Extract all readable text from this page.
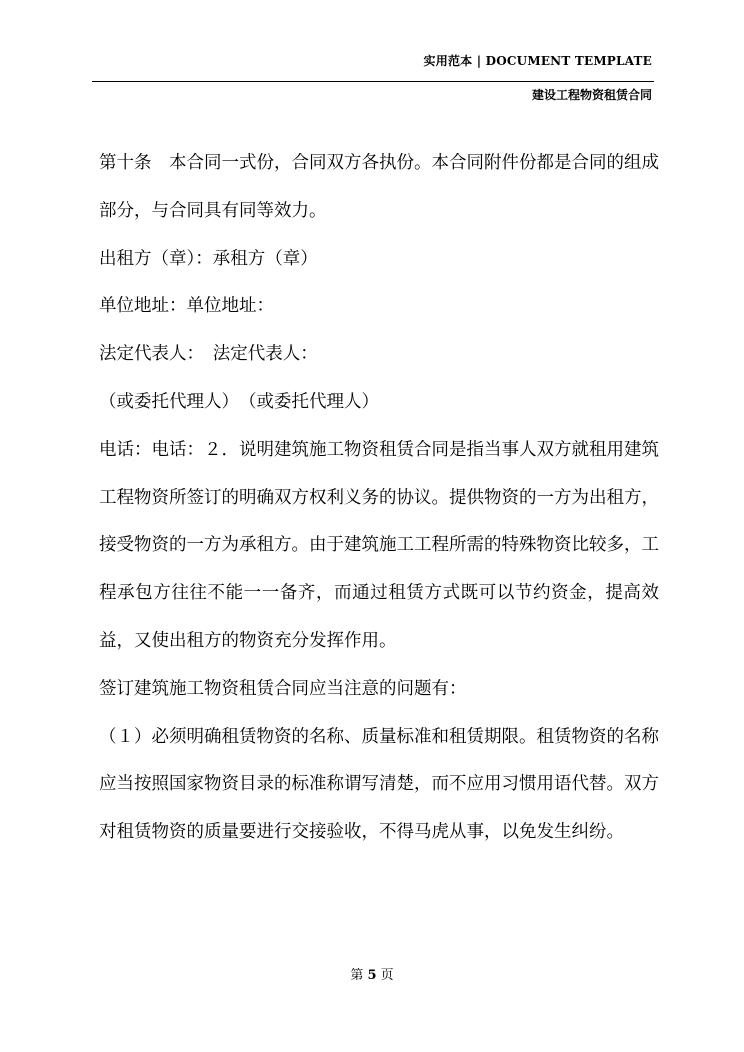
实用范本 | DOCUMENT TEMPLATE
建设工程物资租赁合同

第十条　本合同一式份，合同双方各执份。本合同附件份都是合同的组成部分，与合同具有同等效力。

出租方（章）：承租方（章）

单位地址：单位地址：

法定代表人：　法定代表人：

（或委托代理人）　（或委托代理人）

电话：电话：２．说明建筑施工物资租赁合同是指当事人双方就租用建筑工程物资所签订的明确双方权利义务的协议。提供物资的一方为出租方，接受物资的一方为承租方。由于建筑施工工程所需的特殊物资比较多，工程承包方往往不能一一备齐，而通过租赁方式既可以节约资金，提高效益，又使出租方的物资充分发挥作用。

签订建筑施工物资租赁合同应当注意的问题有：

（１）必须明确租赁物资的名称、质量标准和租赁期限。租赁物资的名称应当按照国家物资目录的标准称谓写清楚，而不应用习惯用语代替。双方对租赁物资的质量要进行交接验收，不得马虎从事，以免发生纠纷。

第 5 页
